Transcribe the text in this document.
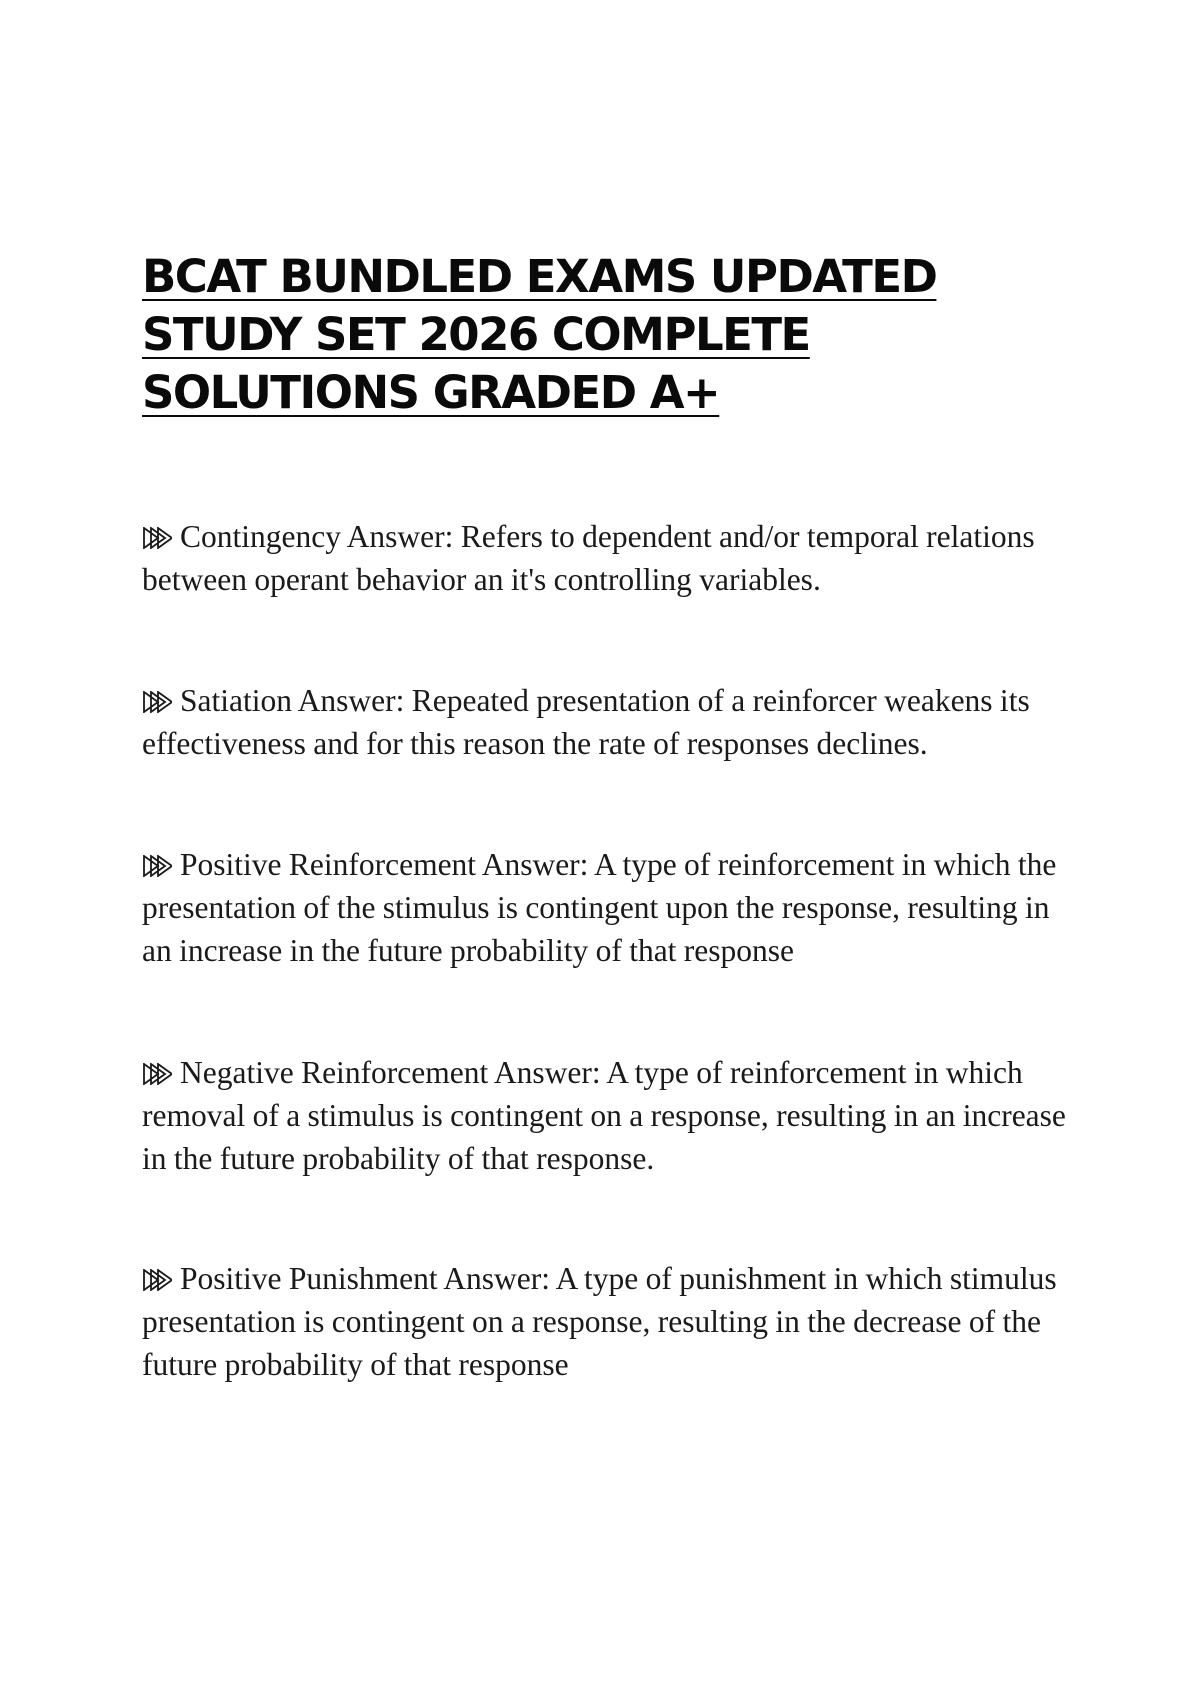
BCAT BUNDLED EXAMS UPDATED STUDY SET 2026 COMPLETE SOLUTIONS GRADED A+

Contingency Answer: Refers to dependent and/or temporal relations between operant behavior an it's controlling variables.

Satiation Answer: Repeated presentation of a reinforcer weakens its effectiveness and for this reason the rate of responses declines.

Positive Reinforcement Answer: A type of reinforcement in which the presentation of the stimulus is contingent upon the response, resulting in an increase in the future probability of that response

Negative Reinforcement Answer: A type of reinforcement in which removal of a stimulus is contingent on a response, resulting in an increase in the future probability of that response.

Positive Punishment Answer: A type of punishment in which stimulus presentation is contingent on a response, resulting in the decrease of the future probability of that response
